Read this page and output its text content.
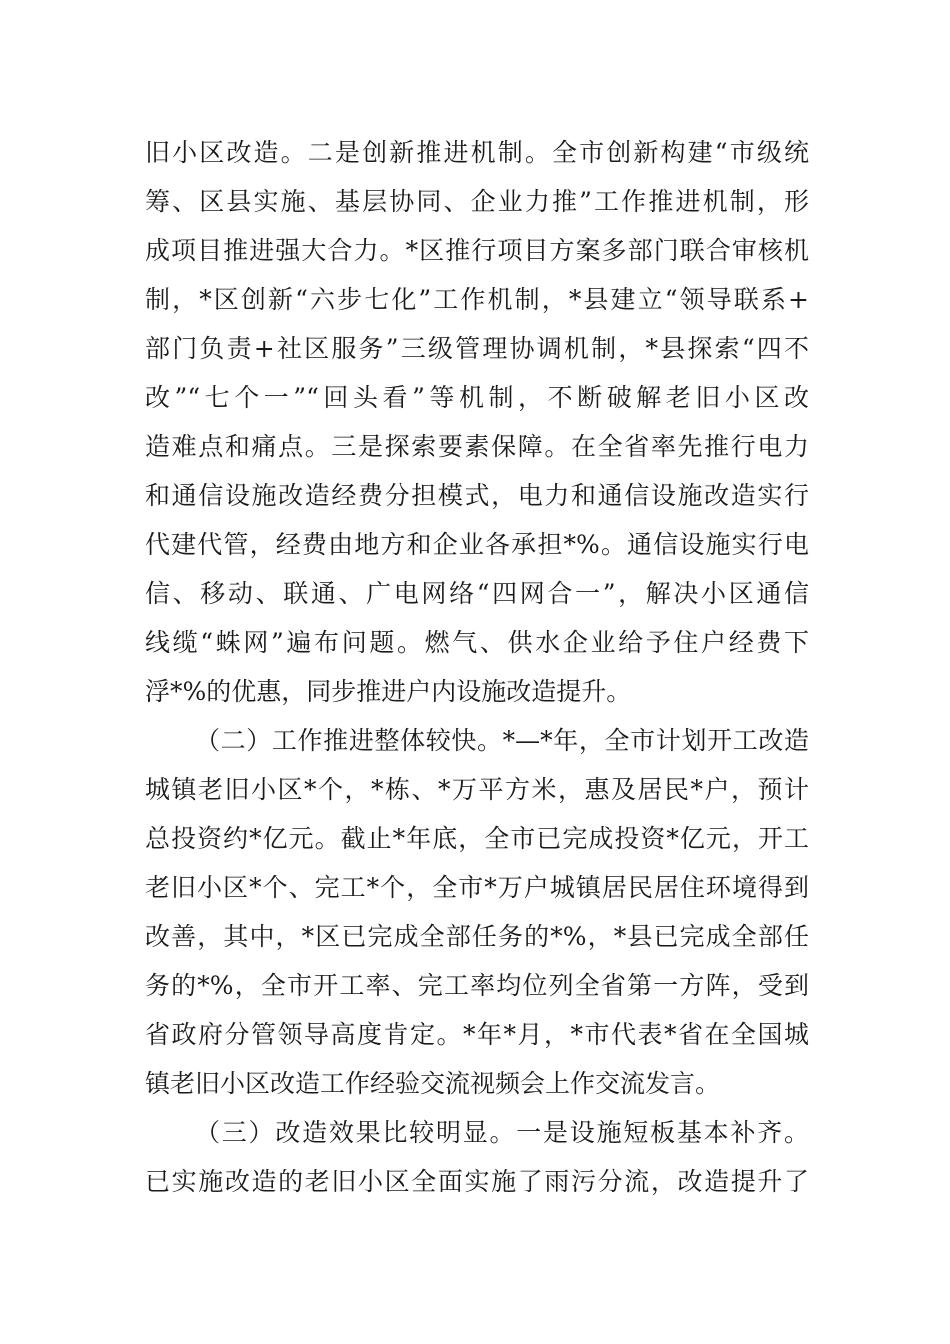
旧小区改造。二是创新推进机制。全市创新构建“市级统
筹、区县实施、基层协同、企业力推”工作推进机制，形
成项目推进强大合力。*区推行项目方案多部门联合审核机
制，*区创新“六步七化”工作机制，*县建立“领导联系+
部门负责+社区服务”三级管理协调机制，*县探索“四不
改”“七个一”“回头看”等机制，不断破解老旧小区改
造难点和痛点。三是探索要素保障。在全省率先推行电力
和通信设施改造经费分担模式，电力和通信设施改造实行
代建代管，经费由地方和企业各承担*%。通信设施实行电
信、移动、联通、广电网络“四网合一”，解决小区通信
线缆“蛛网”遍布问题。燃气、供水企业给予住户经费下
浮*%的优惠，同步推进户内设施改造提升。
（二）工作推进整体较快。*—*年，全市计划开工改造
城镇老旧小区*个，*栋、*万平方米，惠及居民*户，预计
总投资约*亿元。截止*年底，全市已完成投资*亿元，开工
老旧小区*个、完工*个，全市*万户城镇居民居住环境得到
改善，其中，*区已完成全部任务的*%，*县已完成全部任
务的*%，全市开工率、完工率均位列全省第一方阵，受到
省政府分管领导高度肯定。*年*月，*市代表*省在全国城
镇老旧小区改造工作经验交流视频会上作交流发言。
（三）改造效果比较明显。一是设施短板基本补齐。
已实施改造的老旧小区全面实施了雨污分流，改造提升了
